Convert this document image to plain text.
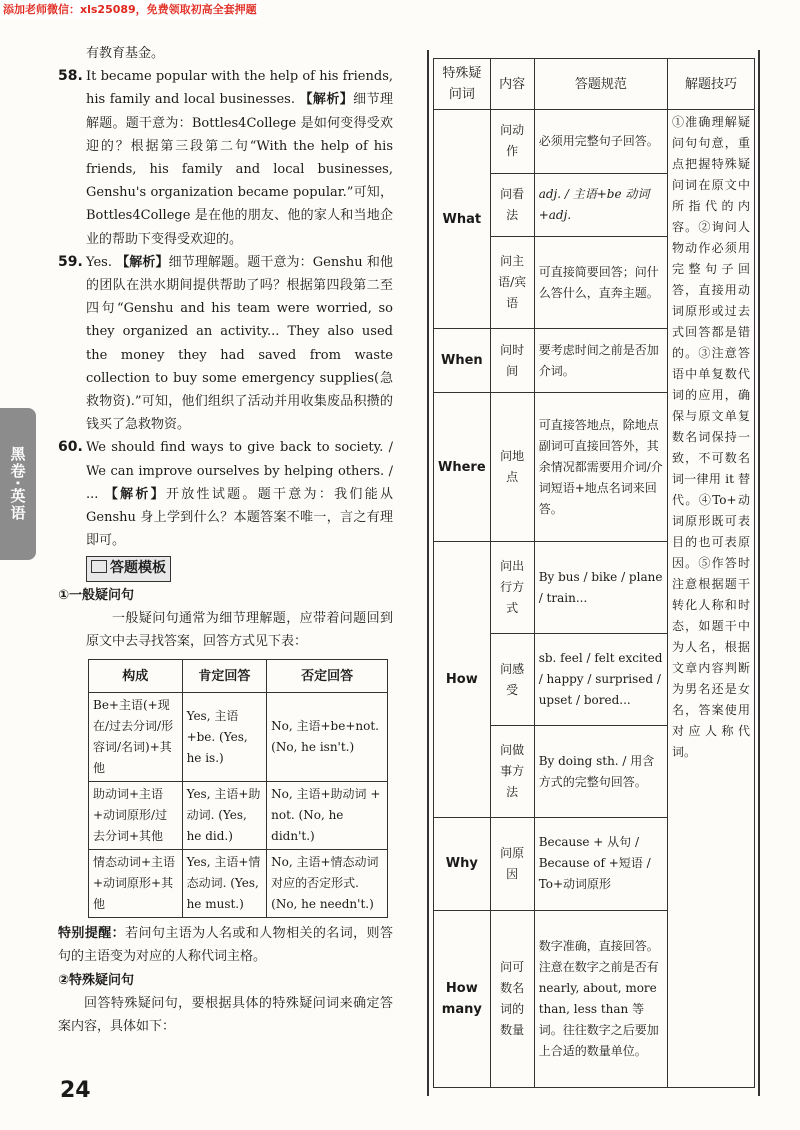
添加老师微信：xls25089，免费领取初高全套押题
黑卷·英语

有教育基金。

58. It became popular with the help of his friends, his family and local businesses. 【解析】细节理解题。题干意为：Bottles4College 是如何变得受欢迎的？根据第三段第二句“With the help of his friends, his family and local businesses, Genshu's organization became popular.”可知，Bottles4College 是在他的朋友、他的家人和当地企业的帮助下变得受欢迎的。

59. Yes. 【解析】细节理解题。题干意为：Genshu 和他的团队在洪水期间提供帮助了吗？根据第四段第二至四句“Genshu and his team were worried, so they organized an activity... They also used the money they had saved from waste collection to buy some emergency supplies(急救物资).”可知，他们组织了活动并用收集废品积攒的钱买了急救物资。

60. We should find ways to give back to society. / We can improve ourselves by helping others. / ... 【解析】开放性试题。题干意为：我们能从 Genshu 身上学到什么？本题答案不唯一，言之有理即可。

答题模板

①一般疑问句

一般疑问句通常为细节理解题，应带着问题回到原文中去寻找答案，回答方式见下表：

构成	肯定回答	否定回答
Be+主语(+现在/过去分词/形容词/名词)+其他	Yes, 主语+be. (Yes, he is.)	No, 主语+be+not. (No, he isn't.)
助动词+主语+动词原形/过去分词+其他	Yes, 主语+助动词. (Yes, he did.)	No, 主语+助动词 + not. (No, he didn't.)
情态动词+主语+动词原形+其他	Yes, 主语+情态动词. (Yes, he must.)	No, 主语+情态动词对应的否定形式. (No, he needn't.)

特别提醒：若问句主语为人名或和人物相关的名词，则答句的主语变为对应的人称代词主格。

②特殊疑问句

回答特殊疑问句，要根据具体的特殊疑问词来确定答案内容，具体如下：

特殊疑问词	内容	答题规范	解题技巧
What	问动作	必须用完整句子回答。	①准确理解疑问句句意，重点把握特殊疑问词在原文中所指代的内容。②询问人物动作必须用完整句子回答，直接用动词原形或过去式回答都是错的。③注意答语中单复数代词的应用，确保与原文单复数名词保持一致，不可数名词一律用 it 替代。④To+动词原形既可表目的也可表原因。⑤作答时注意根据题干转化人称和时态，如题干中为人名，根据文章内容判断为男名还是女名，答案使用对应人称代词。
	问看法	adj. / 主语+be 动词+adj.	
	问主语/宾语	可直接简要回答；问什么答什么，直奔主题。	
When	问时间	要考虑时间之前是否加介词。	
Where	问地点	可直接答地点，除地点副词可直接回答外，其余情况都需要用介词/介词短语+地点名词来回答。	
How	问出行方式	By bus / bike / plane / train...	
	问感受	sb. feel / felt excited / happy / surprised / upset / bored...	
	问做事方法	By doing sth. / 用含方式的完整句回答。	
Why	问原因	Because + 从句 / Because of +短语 / To+动词原形	
How many	问可数名词的数量	数字准确，直接回答。注意在数字之前是否有 nearly, about, more than, less than 等词。往往数字之后要加上合适的数量单位。	
24
